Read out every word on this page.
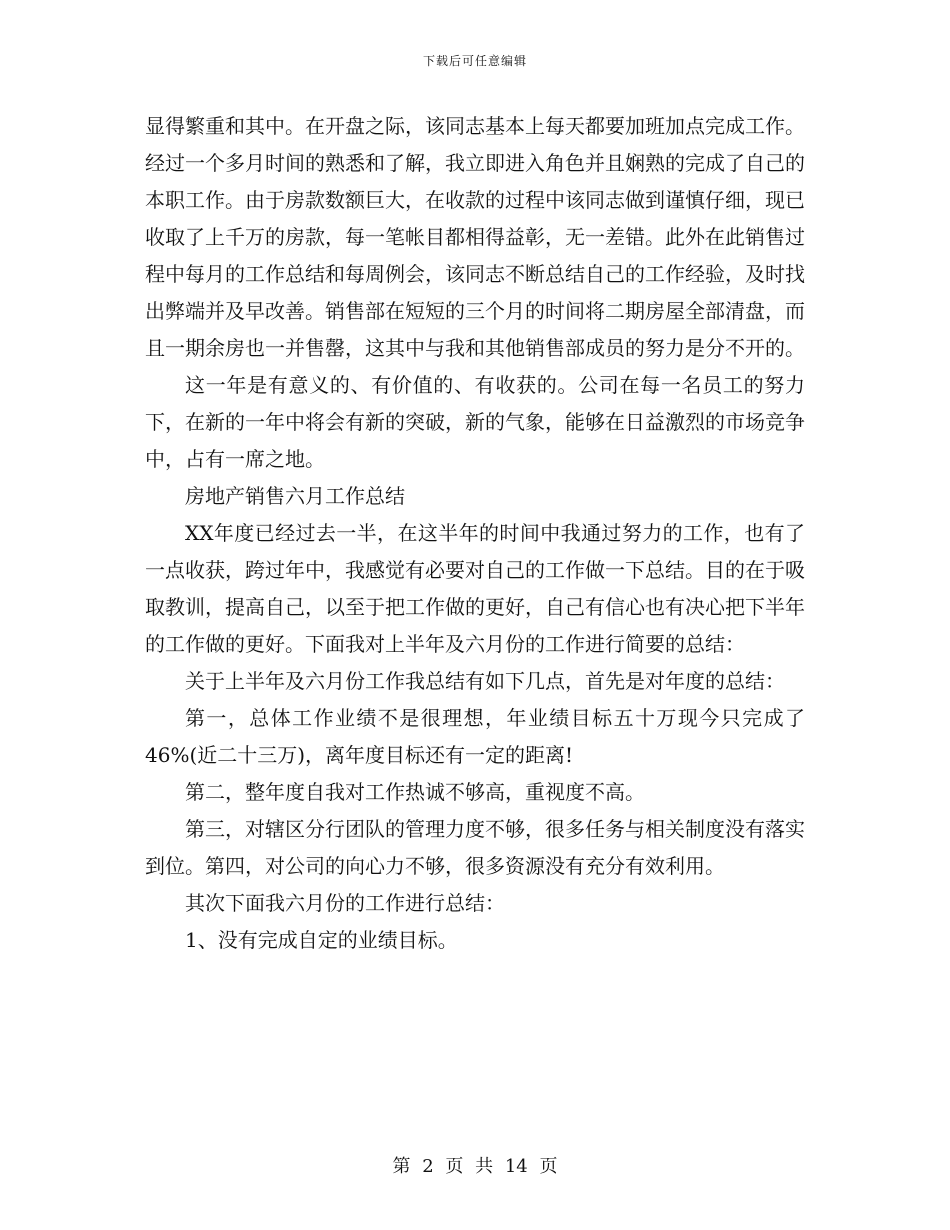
下载后可任意编辑

显得繁重和其中。在开盘之际，该同志基本上每天都要加班加点完成工作。经过一个多月时间的熟悉和了解，我立即进入角色并且娴熟的完成了自己的本职工作。由于房款数额巨大，在收款的过程中该同志做到谨慎仔细，现已收取了上千万的房款，每一笔帐目都相得益彰，无一差错。此外在此销售过程中每月的工作总结和每周例会，该同志不断总结自己的工作经验，及时找出弊端并及早改善。销售部在短短的三个月的时间将二期房屋全部清盘，而且一期余房也一并售罄，这其中与我和其他销售部成员的努力是分不开的。

这一年是有意义的、有价值的、有收获的。公司在每一名员工的努力下，在新的一年中将会有新的突破，新的气象，能够在日益激烈的市场竞争中，占有一席之地。

房地产销售六月工作总结

XX年度已经过去一半，在这半年的时间中我通过努力的工作，也有了一点收获，跨过年中，我感觉有必要对自己的工作做一下总结。目的在于吸取教训，提高自己，以至于把工作做的更好，自己有信心也有决心把下半年的工作做的更好。下面我对上半年及六月份的工作进行简要的总结：

关于上半年及六月份工作我总结有如下几点，首先是对年度的总结：

第一，总体工作业绩不是很理想，年业绩目标五十万现今只完成了46%(近二十三万)，离年度目标还有一定的距离!

第二，整年度自我对工作热诚不够高，重视度不高。

第三，对辖区分行团队的管理力度不够，很多任务与相关制度没有落实到位。第四，对公司的向心力不够，很多资源没有充分有效利用。

其次下面我六月份的工作进行总结：

1、没有完成自定的业绩目标。

第 2 页 共 14 页
